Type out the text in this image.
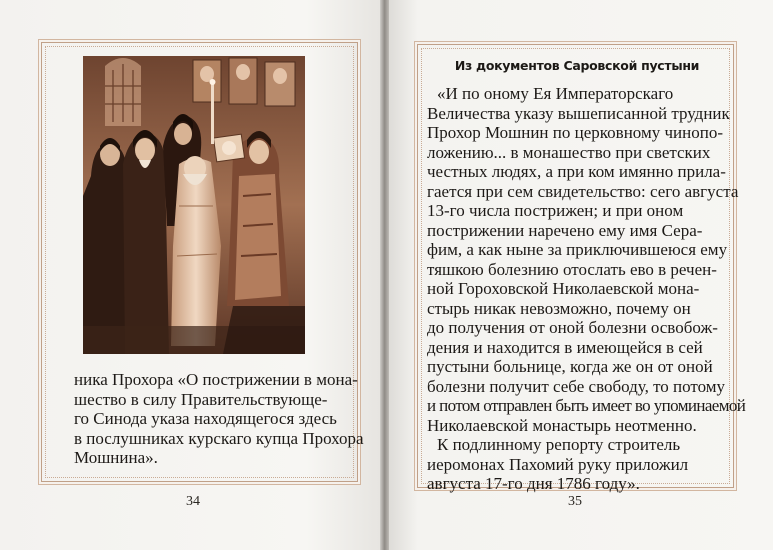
ника Прохора «О пострижении в мона-
шество в силу Правительствующе-
го Синода указа находящегося здесь
в послушниках курскаго купца Прохора
Мошнина».
34
Из документов Саровской пустыни
«И по оному Ея Императорскаго
Величества указу вышеписанной трудник
Прохор Мошнин по церковному чинопо-
ложению... в монашество при светских
честных людях, а при ком имянно прила-
гается при сем свидетельство: сего августа
13-го числа пострижен; и при оном
пострижении наречено ему имя Сера-
фим, а как ныне за приключившеюся ему
тяшкою болезнию отослать ево в речен-
ной Гороховской Николаевской мона-
стырь никак невозможно, почему он
до получения от оной болезни освобож-
дения и находится в имеющейся в сей
пустыни больнице, когда же он от оной
болезни получит себе свободу, то потому
и потом отправлен быть имеет во упоминаемой
Николаевской монастырь неотменно.
К подлинному репорту строитель
иеромонах Пахомий руку приложил
августа 17-го дня 1786 году».
35
